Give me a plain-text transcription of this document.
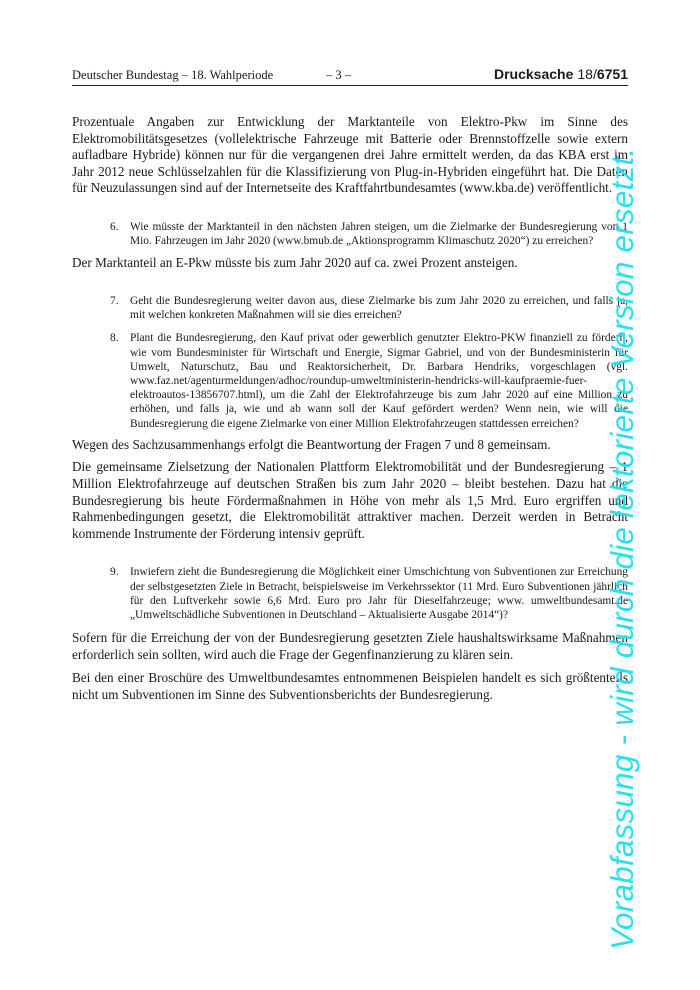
Deutscher Bundestag – 18. Wahlperiode	– 3 –	Drucksache 18/6751

Prozentuale Angaben zur Entwicklung der Marktanteile von Elektro-Pkw im Sinne des Elektromobilitätsgesetzes (vollelektrische Fahrzeuge mit Batterie oder Brennstoffzelle sowie extern aufladbare Hybride) können nur für die vergangenen drei Jahre ermittelt werden, da das KBA erst im Jahr 2012 neue Schlüsselzahlen für die Klassifizierung von Plug-in-Hybriden eingeführt hat. Die Daten für Neuzulassungen sind auf der Internetseite des Kraftfahrtbundesamtes (www.kba.de) veröffentlicht.

6.	Wie müsste der Marktanteil in den nächsten Jahren steigen, um die Zielmarke der Bundesregierung von 1 Mio. Fahrzeugen im Jahr 2020 (www.bmub.de „Aktionsprogramm Klimaschutz 2020“) zu erreichen?

Der Marktanteil an E-Pkw müsste bis zum Jahr 2020 auf ca. zwei Prozent ansteigen.

7.	Geht die Bundesregierung weiter davon aus, diese Zielmarke bis zum Jahr 2020 zu erreichen, und falls ja, mit welchen konkreten Maßnahmen will sie dies erreichen?
8.	Plant die Bundesregierung, den Kauf privat oder gewerblich genutzter Elektro-PKW finanziell zu fördern, wie vom Bundesminister für Wirtschaft und Energie, Sigmar Gabriel, und von der Bundesministerin für Umwelt, Naturschutz, Bau und Reaktorsicherheit, Dr. Barbara Hendriks, vorgeschlagen (vgl. www.faz.net/agenturmeldungen/adhoc/roundup-umweltministerin-hendricks-will-kaufpraemie-fuer-elektroautos-13856707.html), um die Zahl der Elektrofahrzeuge bis zum Jahr 2020 auf eine Million zu erhöhen, und falls ja, wie und ab wann soll der Kauf gefördert werden? Wenn nein, wie will die Bundesregierung die eigene Zielmarke von einer Million Elektrofahrzeugen stattdessen erreichen?

Wegen des Sachzusammenhangs erfolgt die Beantwortung der Fragen 7 und 8 gemeinsam.

Die gemeinsame Zielsetzung der Nationalen Plattform Elektromobilität und der Bundesregierung – 1 Million Elektrofahrzeuge auf deutschen Straßen bis zum Jahr 2020 – bleibt bestehen. Dazu hat die Bundesregierung bis heute Fördermaßnahmen in Höhe von mehr als 1,5 Mrd. Euro ergriffen und Rahmenbedingungen gesetzt, die Elektromobilität attraktiver machen. Derzeit werden in Betracht kommende Instrumente der Förderung intensiv geprüft.

9.	Inwiefern zieht die Bundesregierung die Möglichkeit einer Umschichtung von Subventionen zur Erreichung der selbstgesetzten Ziele in Betracht, beispielsweise im Verkehrssektor (11 Mrd. Euro Subventionen jährlich für den Luftverkehr sowie 6,6 Mrd. Euro pro Jahr für Dieselfahrzeuge; www. umweltbundesamt.de „Umweltschädliche Subventionen in Deutschland – Aktualisierte Ausgabe 2014“)?

Sofern für die Erreichung der von der Bundesregierung gesetzten Ziele haushaltswirksame Maßnahmen erforderlich sein sollten, wird auch die Frage der Gegenfinanzierung zu klären sein.

Bei den einer Broschüre des Umweltbundesamtes entnommenen Beispielen handelt es sich größtenteils nicht um Subventionen im Sinne des Subventionsberichts der Bundesregierung.	Vorabfassung - wird durch die lektorierte Version ersetzt.
